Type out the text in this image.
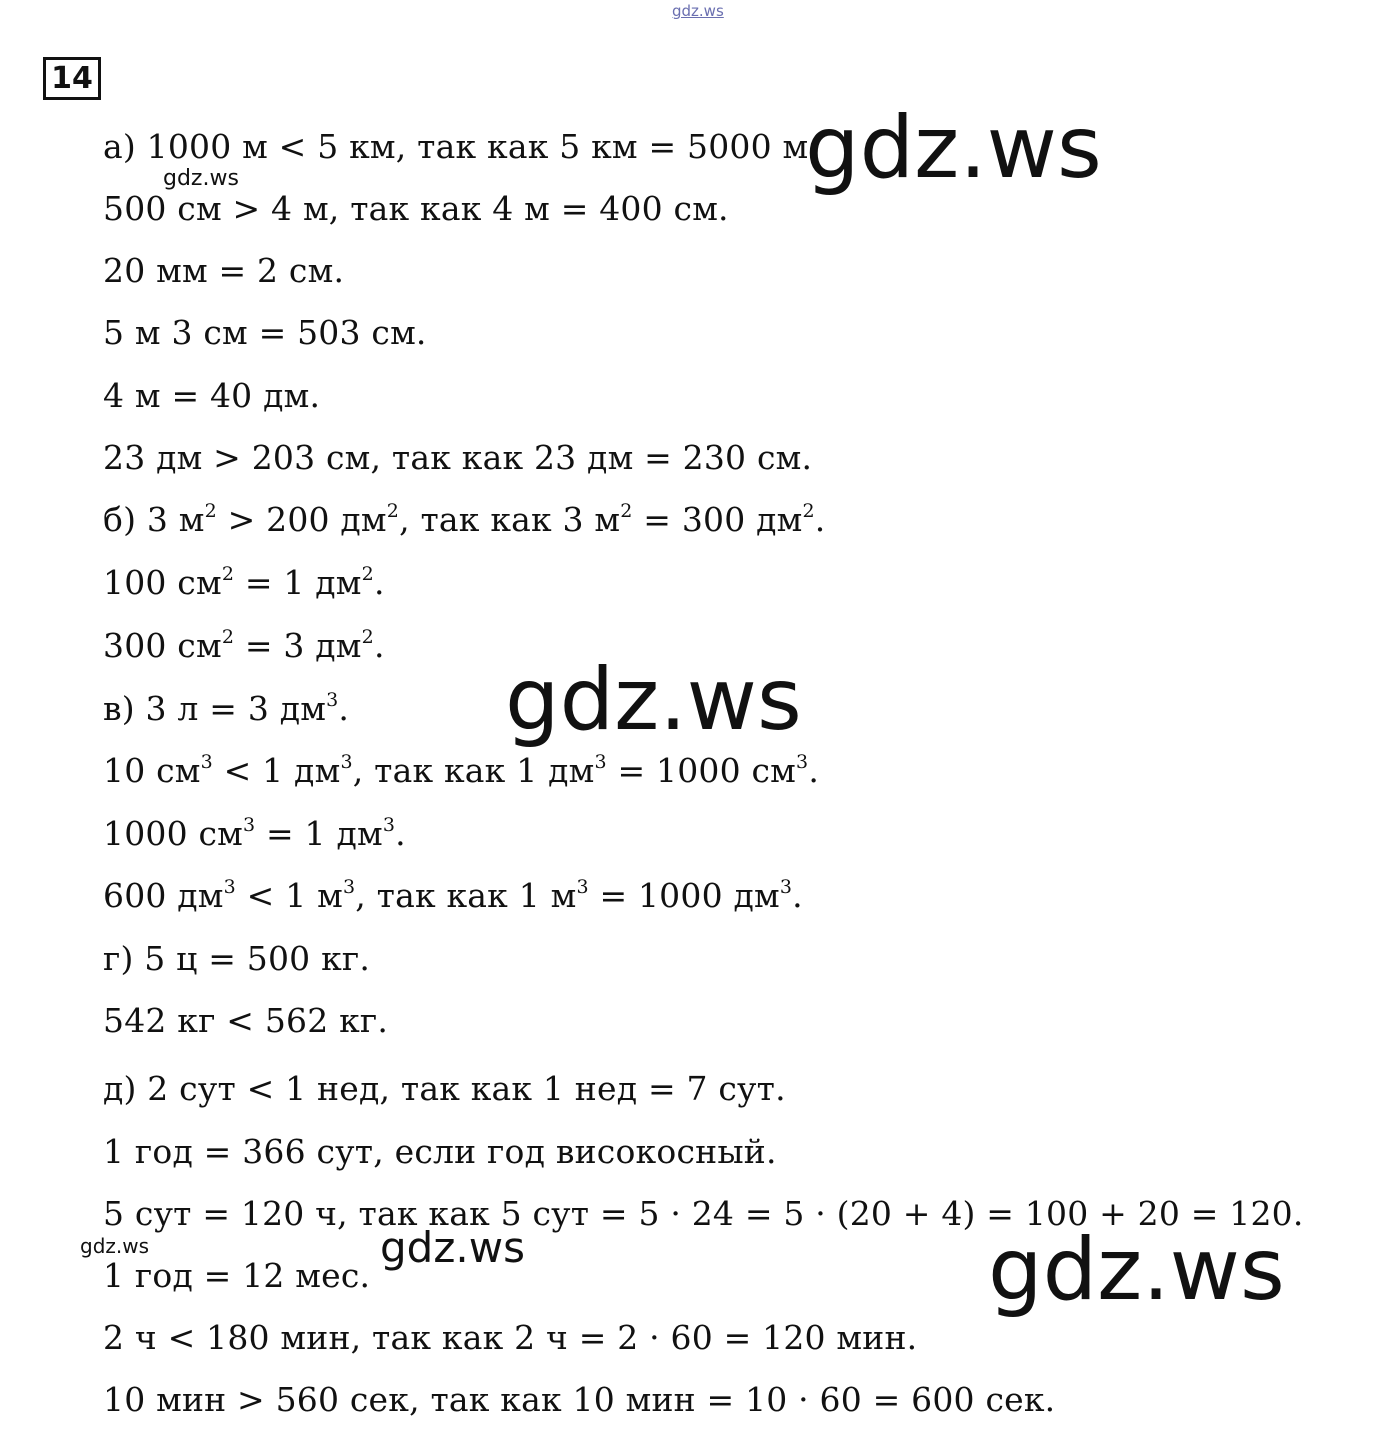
gdz.ws
14
а) 1000 м < 5 км, так как 5 км = 5000 м.
500 см > 4 м, так как 4 м = 400 см.
20 мм = 2 см.
5 м 3 см = 503 см.
4 м = 40 дм.
23 дм > 203 см, так как 23 дм = 230 см.
б) 3 $м^2 > 200$ $дм^2$, так как 3 $м^2 = 300$ $дм^2$.
100 $см^2 = 1$ $дм^2$.
300 $см^2 = 3$ $дм^2$.
в) 3 л = 3 $дм^3$.
10 $см^3 < 1$ $дм^3$, так как 1 $дм^3 = 1000$ $см^3$.
1000 $см^3 = 1$ $дм^3$.
600 $дм^3 < 1$ $м^3$, так как 1 $м^3 = 1000$ $дм^3$.
г) 5 ц = 500 кг.
542 кг < 562 кг.
д) 2 сут < 1 нед, так как 1 нед = 7 сут.
1 год = 366 сут, если год високосный.
5 сут = 120 ч, так как 5 сут = 5 · 24 = 5 · (20 + 4) = 100 + 20 = 120.
1 год = 12 мес.
2 ч < 180 мин, так как 2 ч = 2 · 60 = 120 мин.
10 мин > 560 сек, так как 10 мин = 10 · 60 = 600 сек.
gdz.ws
gdz.ws
gdz.ws
gdz.ws
gdz.ws	gdz.ws
